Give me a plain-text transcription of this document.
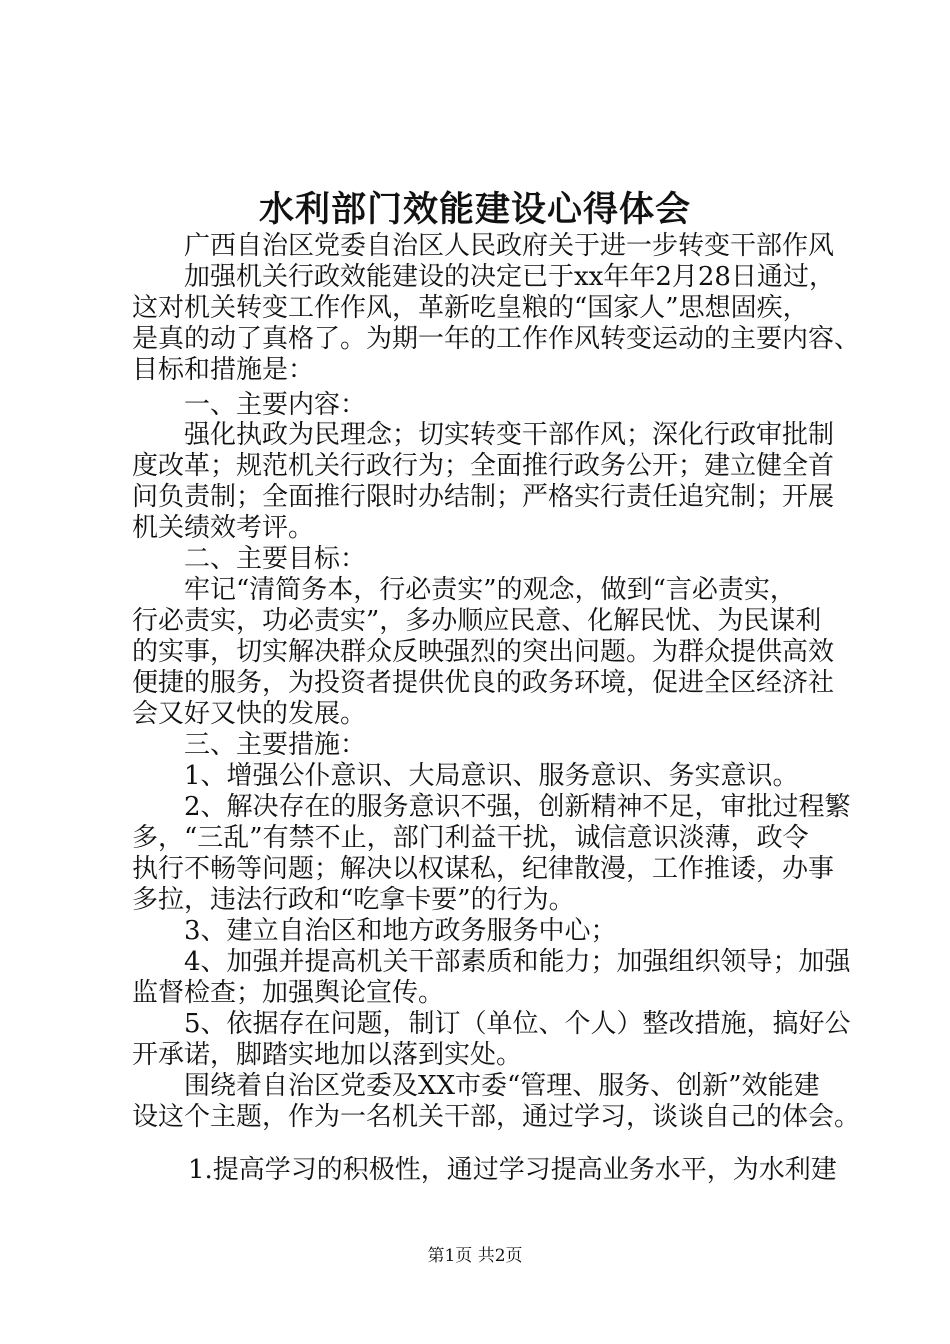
水利部门效能建设心得体会
广西自治区党委自治区人民政府关于进一步转变干部作风
加强机关行政效能建设的决定已于xx年年2月28日通过，
这对机关转变工作作风，革新吃皇粮的“国家人”思想固疾，
是真的动了真格了。为期一年的工作作风转变运动的主要内容、
目标和措施是：
一、主要内容：
强化执政为民理念；切实转变干部作风；深化行政审批制
度改革；规范机关行政行为；全面推行政务公开；建立健全首
问负责制；全面推行限时办结制；严格实行责任追究制；开展
机关绩效考评。
二、主要目标：
牢记“清简务本，行必责实”的观念，做到“言必责实，
行必责实，功必责实”，多办顺应民意、化解民忧、为民谋利
的实事，切实解决群众反映强烈的突出问题。为群众提供高效
便捷的服务，为投资者提供优良的政务环境，促进全区经济社
会又好又快的发展。
三、主要措施：
1、增强公仆意识、大局意识、服务意识、务实意识。
2、解决存在的服务意识不强，创新精神不足，审批过程繁
多，“三乱”有禁不止，部门利益干扰，诚信意识淡薄，政令
执行不畅等问题；解决以权谋私，纪律散漫，工作推诿，办事
多拉，违法行政和“吃拿卡要”的行为。
3、建立自治区和地方政务服务中心；
4、加强并提高机关干部素质和能力；加强组织领导；加强
监督检查；加强舆论宣传。
5、依据存在问题，制订（单位、个人）整改措施，搞好公
开承诺，脚踏实地加以落到实处。
围绕着自治区党委及XX市委“管理、服务、创新”效能建
设这个主题，作为一名机关干部，通过学习，谈谈自己的体会。
1.提高学习的积极性，通过学习提高业务水平，为水利建
第1页 共2页
